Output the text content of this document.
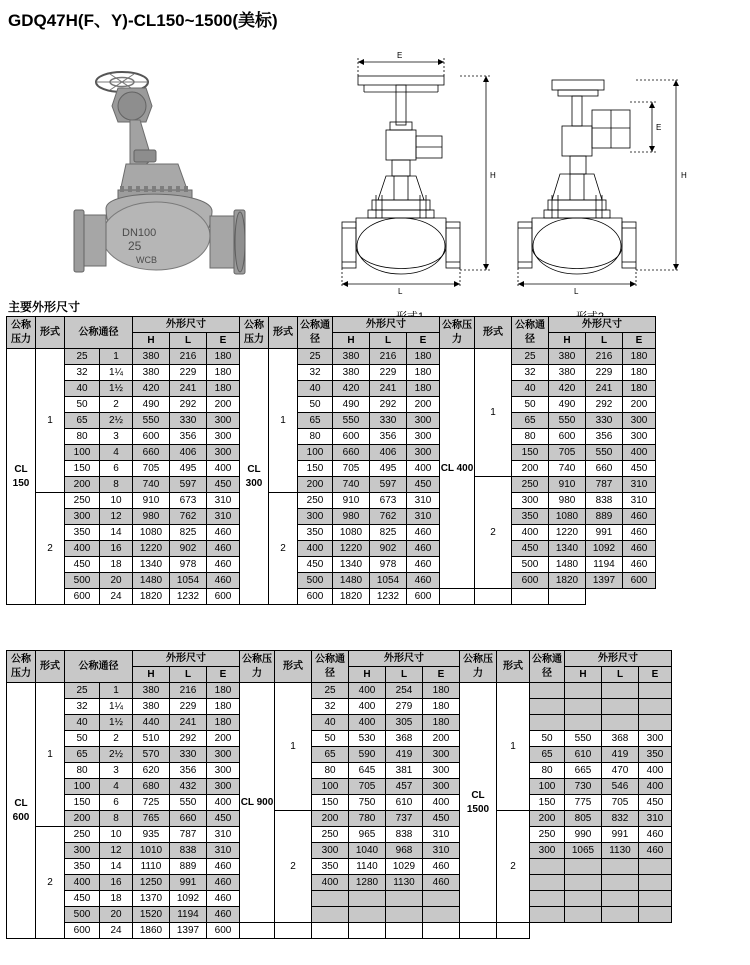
GDQ47H(F、Y)-CL150~1500(美标)
DN100
25
WCB
E
H
L
E
H
L
主要外形尺寸
公称压力	形式	公称通径		外形尺寸			公称压力	形式	公称通径	外形尺寸			公称压力	形式	公称通径	外形尺寸		
				H	L	E				H	L	E				H	L	E
CL 150	1	25	1	380	216	180	CL 300	1	25	380	216	180	CL 400	1	25	380	216	180
		32	1¼	380	229	180			32	380	229	180			32	380	229	180
		40	1½	420	241	180			40	420	241	180			40	420	241	180
		50	2	490	292	200			50	490	292	200			50	490	292	200
		65	2½	550	330	300			65	550	330	300			65	550	330	300
		80	3	600	356	300			80	600	356	300			80	600	356	300
		100	4	660	406	300			100	660	406	300			150	705	550	400
		150	6	705	495	400			150	705	495	400			200	740	660	450
		200	8	740	597	450			200	740	597	450		2	250	910	787	310
	2	250	10	910	673	310		2	250	910	673	310			300	980	838	310
		300	12	980	762	310			300	980	762	310			350	1080	889	460
		350	14	1080	825	460			350	1080	825	460			400	1220	991	460
		400	16	1220	902	460			400	1220	902	460			450	1340	1092	460
		450	18	1340	978	460			450	1340	978	460			500	1480	1194	460
		500	20	1480	1054	460			500	1480	1054	460			600	1820	1397	600
		600	24	1820	1232	600			600	1820	1232	600						
公称压力	形式	公称通径		外形尺寸			公称压力	形式	公称通径	外形尺寸			公称压力	形式	公称通径	外形尺寸		
				H	L	E				H	L	E				H	L	E
CL 600	1	25	1	380	216	180	CL 900	1	25	400	254	180	CL 1500	1				
		32	1¼	380	229	180			32	400	279	180						
		40	1½	440	241	180			40	400	305	180						
		50	2	510	292	200			50	530	368	200			50	550	368	300
		65	2½	570	330	300			65	590	419	300			65	610	419	350
		80	3	620	356	300			80	645	381	300			80	665	470	400
		100	4	680	432	300			100	705	457	300			100	730	546	400
		150	6	725	550	400			150	750	610	400			150	775	705	450
		200	8	765	660	450		2	200	780	737	450		2	200	805	832	310
	2	250	10	935	787	310			250	965	838	310			250	990	991	460
		300	12	1010	838	310			300	1040	968	310			300	1065	1130	460
		350	14	1110	889	460			350	1140	1029	460						
		400	16	1250	991	460			400	1280	1130	460						
		450	18	1370	1092	460												
		500	20	1520	1194	460												
		600	24	1860	1397	600												
